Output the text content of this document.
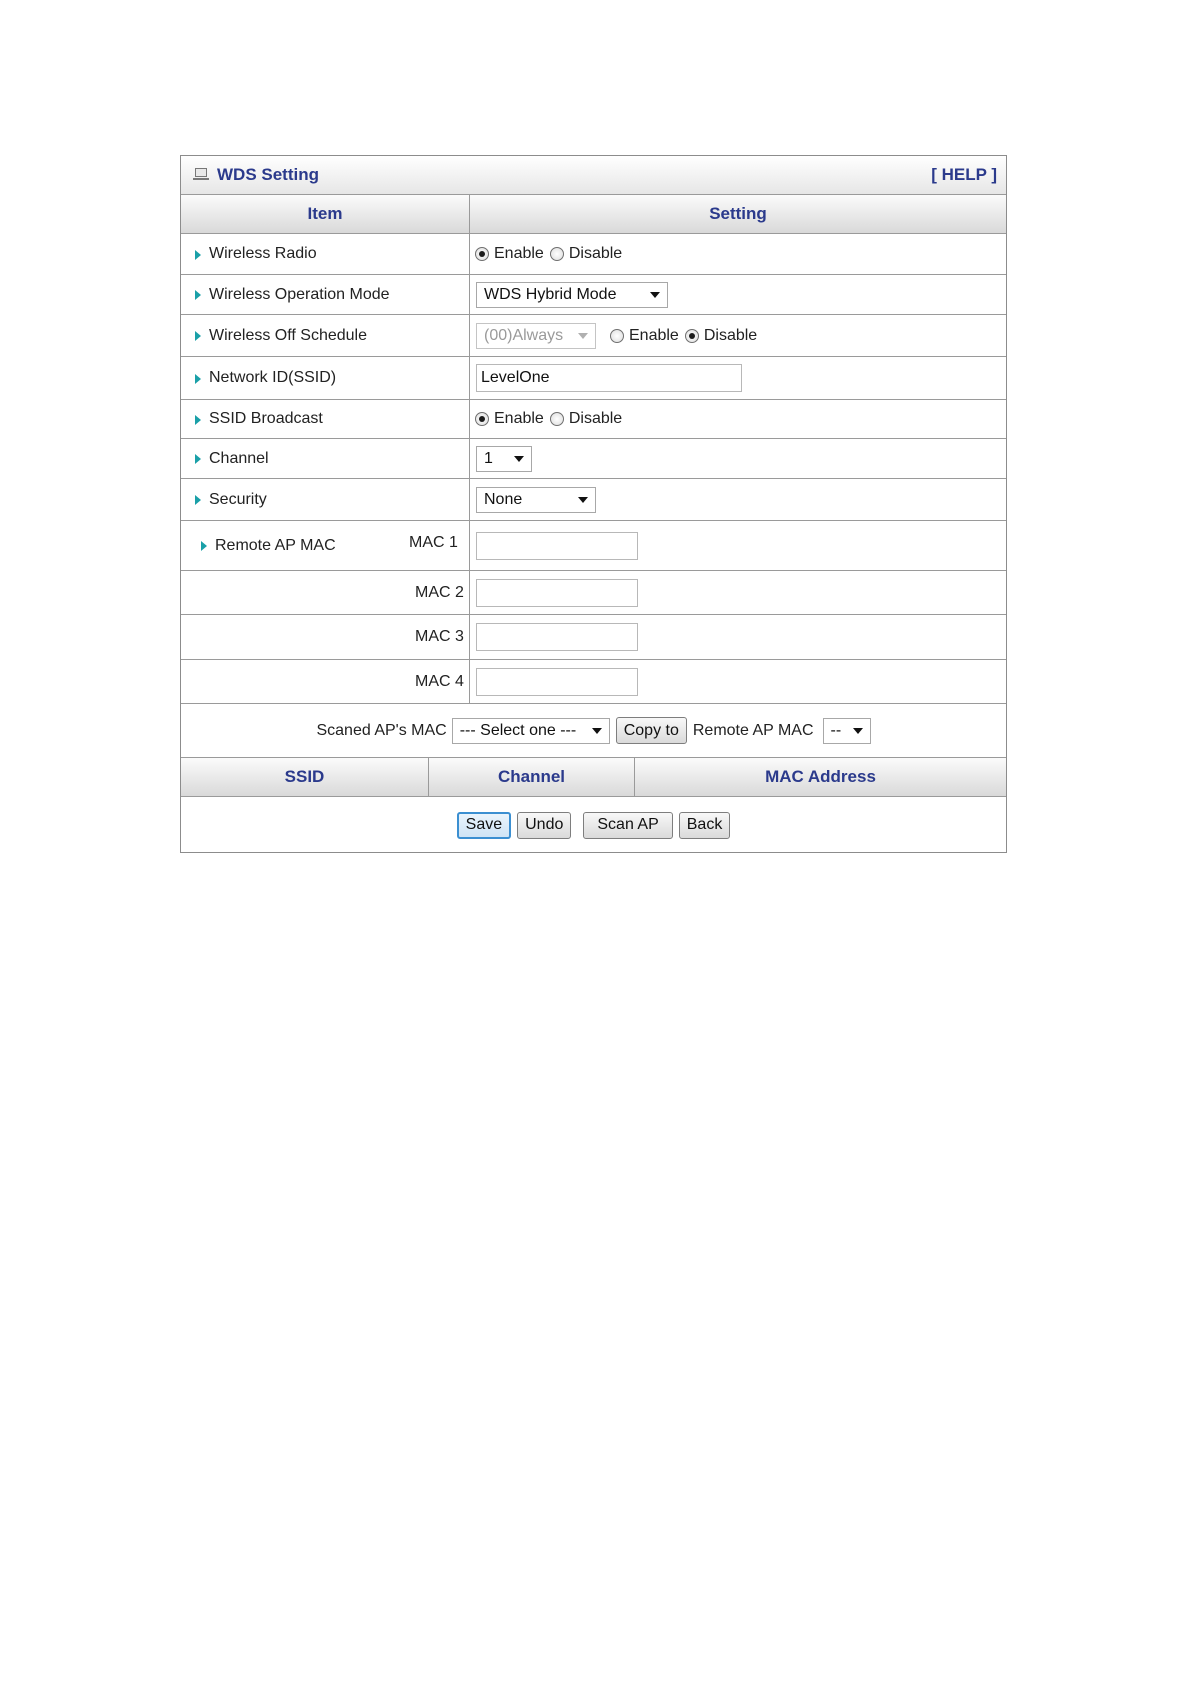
WDS Setting	[ HELP ]
Item	Setting
Wireless Radio	Enable Disable
Wireless Operation Mode	WDS Hybrid Mode
Wireless Off Schedule	(00)Always	Enable Disable
Network ID(SSID)	LevelOne
SSID Broadcast	Enable Disable
Channel	1
Security	None
Remote AP MAC	MAC 1
MAC 2
MAC 3
MAC 4
Scaned AP's MAC --- Select one ---	Copy to Remote AP MAC --
SSID	Channel	MAC Address
Save	Undo	Scan AP	Back
